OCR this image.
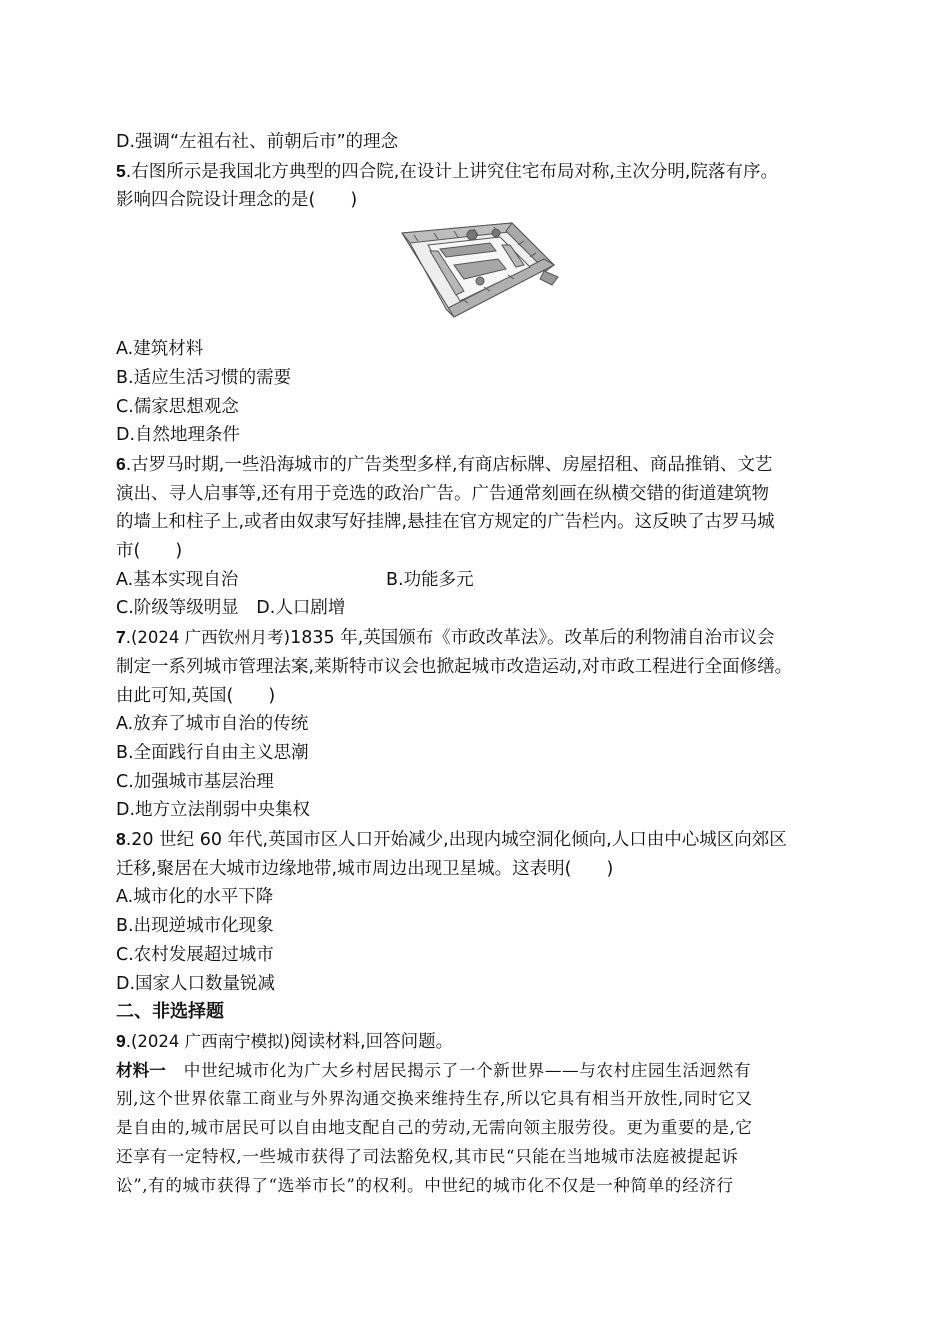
D.强调“左祖右社、前朝后市”的理念
5.右图所示是我国北方典型的四合院,在设计上讲究住宅布局对称,主次分明,院落有序。
影响四合院设计理念的是(　　)
A.建筑材料
B.适应生活习惯的需要
C.儒家思想观念
D.自然地理条件
6.古罗马时期,一些沿海城市的广告类型多样,有商店标牌、房屋招租、商品推销、文艺
演出、寻人启事等,还有用于竞选的政治广告。广告通常刻画在纵横交错的街道建筑物
的墙上和柱子上,或者由奴隶写好挂牌,悬挂在官方规定的广告栏内。这反映了古罗马城
市(　　)
A.基本实现自治	B.功能多元
C.阶级等级明显　D.人口剧增
7.(2024 广西钦州月考)1835 年,英国颁布《市政改革法》。改革后的利物浦自治市议会
制定一系列城市管理法案,莱斯特市议会也掀起城市改造运动,对市政工程进行全面修缮。
由此可知,英国(　　)
A.放弃了城市自治的传统
B.全面践行自由主义思潮
C.加强城市基层治理
D.地方立法削弱中央集权
8.20 世纪 60 年代,英国市区人口开始减少,出现内城空洞化倾向,人口由中心城区向郊区
迁移,聚居在大城市边缘地带,城市周边出现卫星城。这表明(　　)
A.城市化的水平下降
B.出现逆城市化现象
C.农村发展超过城市
D.国家人口数量锐减
二、非选择题
9.(2024 广西南宁模拟)阅读材料,回答问题。
材料一 中世纪城市化为广大乡村居民揭示了一个新世界——与农村庄园生活迥然有
别,这个世界依靠工商业与外界沟通交换来维持生存,所以它具有相当开放性,同时它又
是自由的,城市居民可以自由地支配自己的劳动,无需向领主服劳役。更为重要的是,它
还享有一定特权,一些城市获得了司法豁免权,其市民“只能在当地城市法庭被提起诉
讼”,有的城市获得了“选举市长”的权利。中世纪的城市化不仅是一种简单的经济行
